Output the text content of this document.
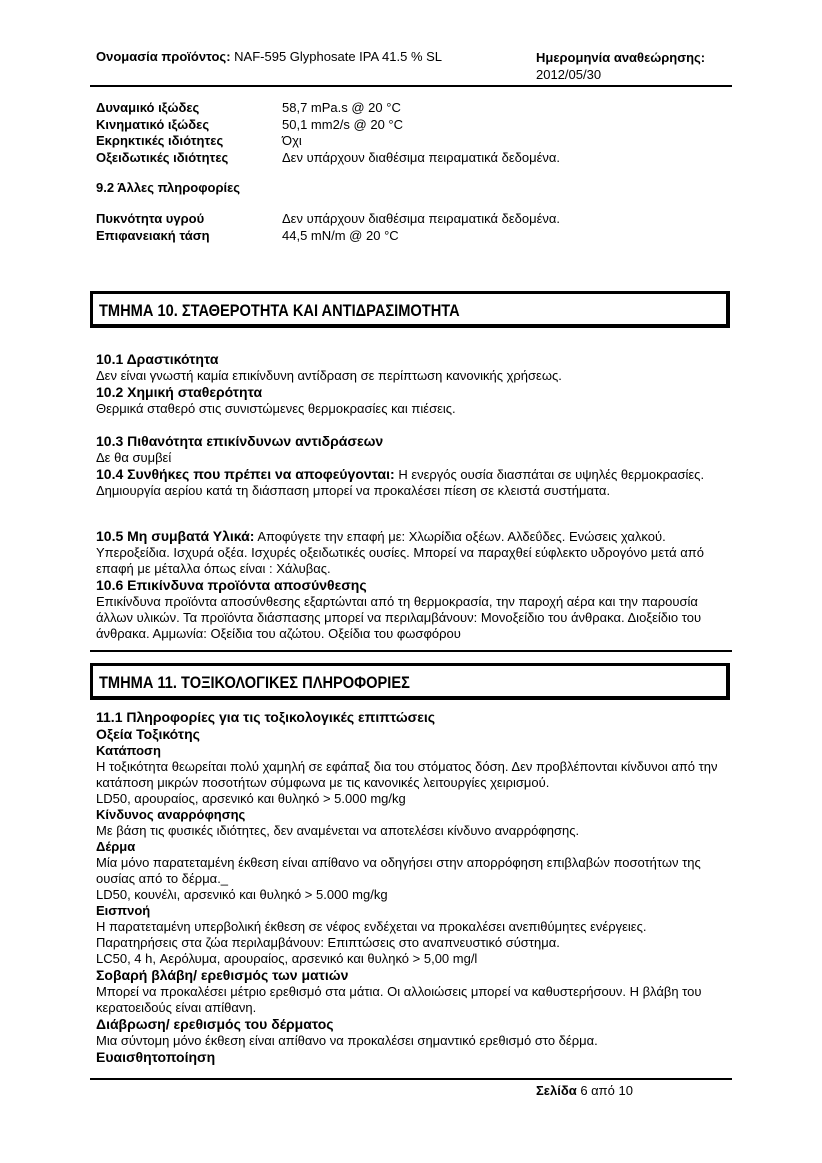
Ονομασία προϊόντος: NAF-595 Glyphosate IPA 41.5 % SL	Ημερομηνία αναθεώρησης:
2012/05/30
Δυναμικό ιξώδες	58,7 mPa.s @ 20 °C
Κινηματικό ιξώδες	50,1 mm2/s @ 20 °C
Εκρηκτικές ιδιότητες	Όχι
Οξειδωτικές ιδιότητες	Δεν υπάρχουν διαθέσιμα πειραματικά δεδομένα.
9.2 Άλλες πληροφορίες
Πυκνότητα υγρού	Δεν υπάρχουν διαθέσιμα πειραματικά δεδομένα.
Επιφανειακή τάση	44,5 mN/m @ 20 °C
ΤΜΗΜΑ 10. ΣΤΑΘΕΡΟΤΗΤΑ ΚΑΙ ΑΝΤΙΔΡΑΣΙΜΟΤΗΤΑ
10.1 Δραστικότητα

Δεν είναι γνωστή καμία επικίνδυνη αντίδραση σε περίπτωση κανονικής χρήσεως.

10.2 Χημική σταθερότητα

Θερμικά σταθερό στις συνιστώμενες θερμοκρασίες και πιέσεις.

10.3 Πιθανότητα επικίνδυνων αντιδράσεων

Δε θα συμβεί

10.4 Συνθήκες που πρέπει να αποφεύγονται: Η ενεργός ουσία διασπάται σε υψηλές θερμοκρασίες. Δημιουργία αερίου κατά τη διάσπαση μπορεί να προκαλέσει πίεση σε κλειστά συστήματα.

10.5 Μη συμβατά Υλικά: Αποφύγετε την επαφή με: Χλωρίδια οξέων. Αλδεΰδες. Ενώσεις χαλκού. Υπεροξείδια. Ισχυρά οξέα. Ισχυρές οξειδωτικές ουσίες. Μπορεί να παραχθεί εύφλεκτο υδρογόνο μετά από επαφή με μέταλλα όπως είναι : Χάλυβας.

10.6 Επικίνδυνα προϊόντα αποσύνθεσης

Επικίνδυνα προϊόντα αποσύνθεσης εξαρτώνται από τη θερμοκρασία, την παροχή αέρα και την παρουσία άλλων υλικών. Τα προϊόντα διάσπασης μπορεί να περιλαμβάνουν: Μονοξείδιο του άνθρακα. Διοξείδιο του άνθρακα. Αμμωνία: Οξείδια του αζώτου. Οξείδια του φωσφόρου

ΤΜΗΜΑ 11. ΤΟΞΙΚΟΛΟΓΙΚΕΣ ΠΛΗΡΟΦΟΡΙΕΣ
11.1 Πληροφορίες για τις τοξικολογικές επιπτώσεις
Οξεία Τοξικότης
Κατάποση

Η τοξικότητα θεωρείται πολύ χαμηλή σε εφάπαξ δια του στόματος δόση. Δεν προβλέπονται κίνδυνοι από την κατάποση μικρών ποσοτήτων σύμφωνα με τις κανονικές λειτουργίες χειρισμού.

LD50, αρουραίος, αρσενικό και θυληκό > 5.000 mg/kg

Κίνδυνος αναρρόφησης

Με βάση τις φυσικές ιδιότητες, δεν αναμένεται να αποτελέσει κίνδυνο αναρρόφησης.

Δέρμα

Μία μόνο παρατεταμένη έκθεση είναι απίθανο να οδηγήσει στην απορρόφηση επιβλαβών ποσοτήτων της ουσίας από το δέρμα._

LD50, κουνέλι, αρσενικό και θυληκό > 5.000 mg/kg

Εισπνοή

Η παρατεταμένη υπερβολική έκθεση σε νέφος ενδέχεται να προκαλέσει ανεπιθύμητες ενέργειες.

Παρατηρήσεις στα ζώα περιλαμβάνουν: Επιπτώσεις στο αναπνευστικό σύστημα.

LC50, 4 h, Αερόλυμα, αρουραίος, αρσενικό και θυληκό > 5,00 mg/l

Σοβαρή βλάβη/ ερεθισμός των ματιών

Μπορεί να προκαλέσει μέτριο ερεθισμό στα μάτια. Οι αλλοιώσεις μπορεί να καθυστερήσουν. Η βλάβη του κερατοειδούς είναι απίθανη.

Διάβρωση/ ερεθισμός του δέρματος

Μια σύντομη μόνο έκθεση είναι απίθανο να προκαλέσει σημαντικό ερεθισμό στο δέρμα.

Ευαισθητοποίηση
Σελίδα 6 από 10
